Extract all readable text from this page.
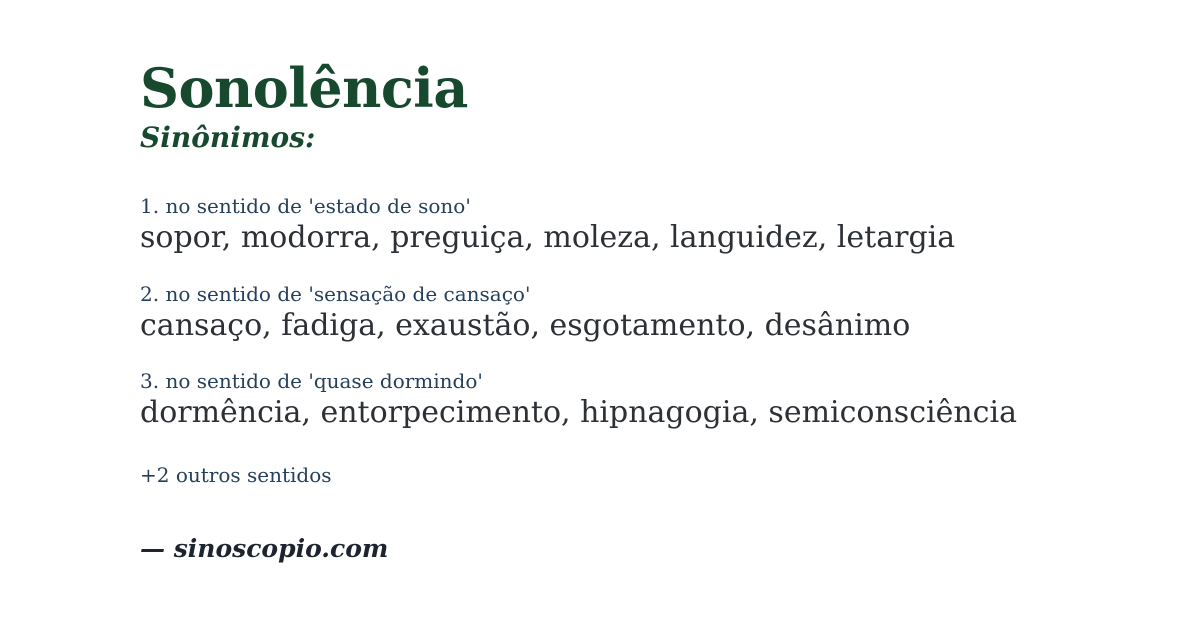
Sonolência
Sinônimos:
1. no sentido de 'estado de sono'
sopor, modorra, preguiça, moleza, languidez, letargia
2. no sentido de 'sensação de cansaço'
cansaço, fadiga, exaustão, esgotamento, desânimo
3. no sentido de 'quase dormindo'
dormência, entorpecimento, hipnagogia, semiconsciência
+2 outros sentidos
— sinoscopio.com
